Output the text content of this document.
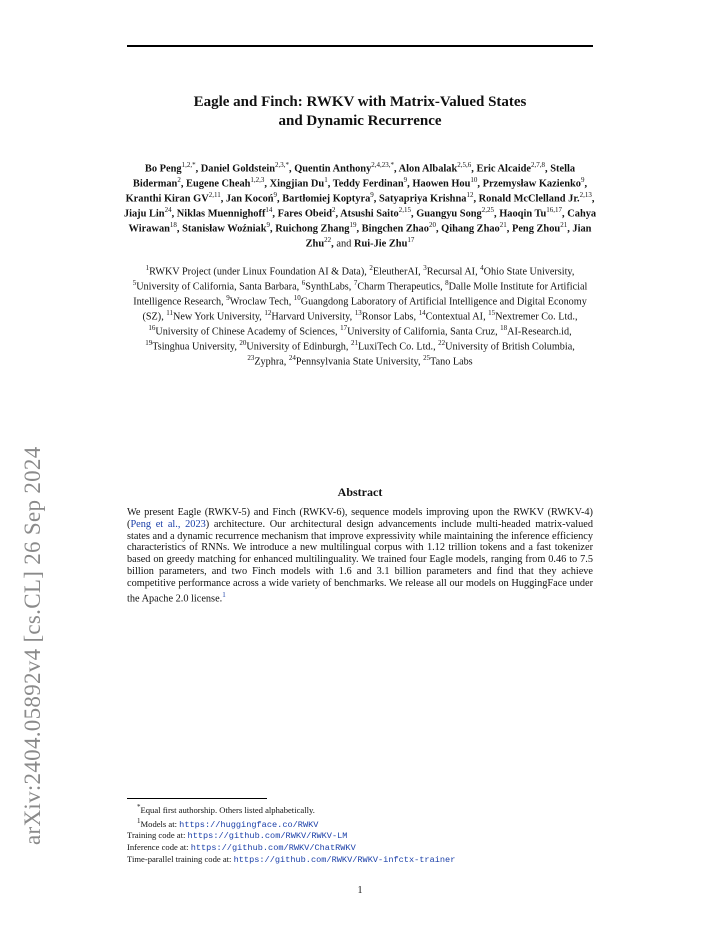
arXiv:2404.05892v4 [cs.CL] 26 Sep 2024
Eagle and Finch: RWKV with Matrix-Valued States
and Dynamic Recurrence
Bo Peng$^{1,2,*}$, Daniel Goldstein$^{2,3,*}$, Quentin Anthony$^{2,4,23,*}$, Alon Albalak$^{2,5,6}$, Eric Alcaide$^{2,7,8}$, Stella Biderman$^2$, Eugene Cheah$^{1,2,3}$, Xingjian Du$^1$, Teddy Ferdinan$^9$, Haowen Hou$^{10}$, Przemysław Kazienko$^9$, Kranthi Kiran GV$^{2,11}$, Jan Kocoń$^9$, Bartłomiej Koptyra$^9$, Satyapriya Krishna$^{12}$, Ronald McClelland Jr.$^{2,13}$, Jiaju Lin$^{24}$, Niklas Muennighoff$^{14}$, Fares Obeid$^2$, Atsushi Saito$^{2,15}$, Guangyu Song$^{2,25}$, Haoqin Tu$^{16,17}$, Cahya Wirawan$^{18}$, Stanisław Woźniak$^9$, Ruichong Zhang$^{19}$, Bingchen Zhao$^{20}$, Qihang Zhao$^{21}$, Peng Zhou$^{21}$, Jian Zhu$^{22}$, and Rui-Jie Zhu$^{17}$
$^1$RWKV Project (under Linux Foundation AI & Data), $^2$EleutherAI, $^3$Recursal AI, $^4$Ohio State University, $^5$University of California, Santa Barbara, $^6$SynthLabs, $^7$Charm Therapeutics, $^8$Dalle Molle Institute for Artificial Intelligence Research, $^9$Wroclaw Tech, $^{10}$Guangdong Laboratory of Artificial Intelligence and Digital Economy (SZ), $^{11}$New York University, $^{12}$Harvard University, $^{13}$Ronsor Labs, $^{14}$Contextual AI, $^{15}$Nextremer Co. Ltd., $^{16}$University of Chinese Academy of Sciences, $^{17}$University of California, Santa Cruz, $^{18}$AI-Research.id, $^{19}$Tsinghua University, $^{20}$University of Edinburgh, $^{21}$LuxiTech Co. Ltd., $^{22}$University of British Columbia, $^{23}$Zyphra, $^{24}$Pennsylvania State University, $^{25}$Tano Labs
Abstract
We present Eagle (RWKV-5) and Finch (RWKV-6), sequence models improving upon the RWKV (RWKV-4) (Peng et al., 2023) architecture. Our architectural design advancements include multi-headed matrix-valued states and a dynamic recurrence mechanism that improve expressivity while maintaining the inference efficiency characteristics of RNNs. We introduce a new multilingual corpus with 1.12 trillion tokens and a fast tokenizer based on greedy matching for enhanced multilinguality. We trained four Eagle models, ranging from 0.46 to 7.5 billion parameters, and two Finch models with 1.6 and 3.1 billion parameters and find that they achieve competitive performance across a wide variety of benchmarks. We release all our models on HuggingFace under the Apache 2.0 license.$^1$
*Equal first authorship. Others listed alphabetically.
$^1$Models at: https://huggingface.co/RWKV
Training code at: https://github.com/RWKV/RWKV-LM
Inference code at: https://github.com/RWKV/ChatRWKV
Time-parallel training code at: https://github.com/RWKV/RWKV-infctx-trainer
1
